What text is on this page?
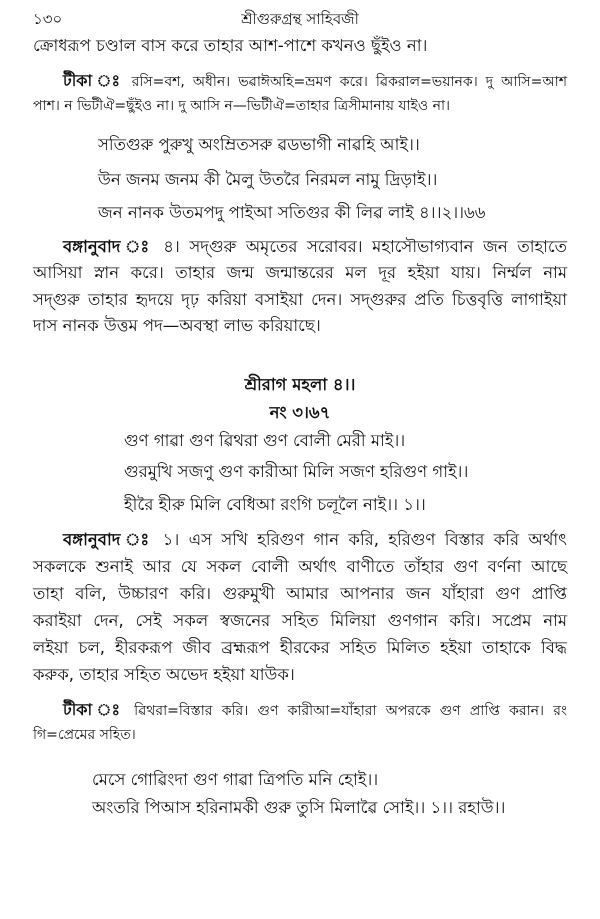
১৩০	শ্রীগুরুগ্রন্থ সাহিবজী
ক্রোধরূপ চণ্ডাল বাস করে তাহার আশ-পাশে কখনও ছুঁইও না।
টীকা ঃ রসি=বশ, অধীন। ভৱাঈঅহি=ভ্রমণ করে। ৱিকরাল=ভয়ানক। দু আসি=আশ
পাশ। ন ভিটীঐ=ছুঁইও না। দু আসি ন—ভিটীঐ=তাহার ত্রিসীমানায় যাইও না।
সতিগুরু পুরুখু অংম্রিতসরু ৱডভাগী নাৱহি আই।।
উন জনম জনম কী মৈলু উতরৈ নিরমল নামু দ্রিড়াই।।
জন নানক উতমপদু পাইআ সতিগুর কী লিৱ লাই ৪।।২।।৬৬
বঙ্গানুবাদ ঃ ৪। সদ্‌গুরু অমৃতের সরোবর। মহাসৌভাগ্যবান জন তাহাতে
আসিয়া স্নান করে। তাহার জন্ম জন্মান্তরের মল দূর হইয়া যায়। নির্ম্মল নাম
সদ্‌গুরু তাহার হৃদয়ে দৃঢ় করিয়া বসাইয়া দেন। সদ্‌গুরুর প্রতি চিত্তবৃত্তি লাগাইয়া
দাস নানক উত্তম পদ—অবস্থা লাভ করিয়াছে।
শ্রীরাগ মহলা ৪।।
নং ৩।৬৭
গুণ গাৱা গুণ ৱিথরা গুণ বোলী মেরী মাই।।
গুরমুখি সজণু গুণ কারীআ মিলি সজণ হরিগুণ গাই।।
হীরৈ হীরু মিলি বেধিআ রংগি চলূলৈ নাই।। ১।।
বঙ্গানুবাদ ঃ ১। এস সখি হরিগুণ গান করি, হরিগুণ বিস্তার করি অর্থাৎ
সকলকে শুনাই আর যে সকল বোলী অর্থাৎ বাণীতে তাঁহার গুণ বর্ণনা আছে
তাহা বলি, উচ্চারণ করি। গুরুমুখী আমার আপনার জন যাঁহারা গুণ প্রাপ্তি
করাইয়া দেন, সেই সকল স্বজনের সহিত মিলিয়া গুণগান করি। সপ্রেম নাম
লইয়া চল, হীরকরূপ জীব ব্রহ্মরূপ হীরকের সহিত মিলিত হইয়া তাহাকে বিদ্ধ
করুক, তাহার সহিত অভেদ হইয়া যাউক।
টীকা ঃ ৱিথরা=বিস্তার করি। গুণ কারীআ=যাঁহারা অপরকে গুণ প্রাপ্তি করান। রং
গি=প্রেমের সহিত।
মেসে গোৱিংদা গুণ গাৱা ত্রিপতি মনি হোই।।
অংতরি পিআস হরিনামকী গুরু তুসি মিলাৱৈ সোই।। ১।। রহাউ।।
